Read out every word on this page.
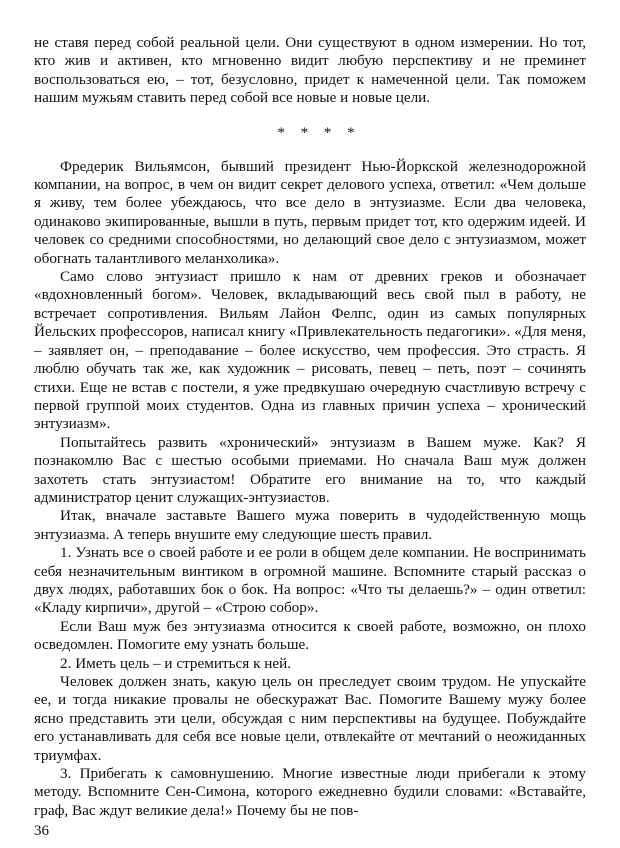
не ставя перед собой реальной цели. Они существуют в одном измерении. Но тот, кто жив и активен, кто мгновенно видит любую перспективу и не преминет воспользоваться ею, – тот, безусловно, придет к намеченной цели. Так поможем нашим мужьям ставить перед собой все новые и новые цели.

* * * *

Фредерик Вильямсон, бывший президент Нью-Йоркской железнодорожной компании, на вопрос, в чем он видит секрет делового успеха, ответил: «Чем дольше я живу, тем более убеждаюсь, что все дело в энтузиазме. Если два человека, одинаково экипированные, вышли в путь, первым придет тот, кто одержим идеей. И человек со средними способностями, но делающий свое дело с энтузиазмом, может обогнать талантливого меланхолика».

Само слово энтузиаст пришло к нам от древних греков и обозначает «вдохновленный богом». Человек, вкладывающий весь свой пыл в работу, не встречает сопротивления. Вильям Лайон Фелпс, один из самых популярных Йельских профессоров, написал книгу «Привлекательность педагогики». «Для меня, – заявляет он, – преподавание – более искусство, чем профессия. Это страсть. Я люблю обучать так же, как художник – рисовать, певец – петь, поэт – сочинять стихи. Еще не встав с постели, я уже предвкушаю очередную счастливую встречу с первой группой моих студентов. Одна из главных причин успеха – хронический энтузиазм».

Попытайтесь развить «хронический» энтузиазм в Вашем муже. Как? Я познакомлю Вас с шестью особыми приемами. Но сначала Ваш муж должен захотеть стать энтузиастом! Обратите его внимание на то, что каждый администратор ценит служащих-энтузиастов.

Итак, вначале заставьте Вашего мужа поверить в чудодейственную мощь энтузиазма. А теперь внушите ему следующие шесть правил.

1. Узнать все о своей работе и ее роли в общем деле компании. Не воспринимать себя незначительным винтиком в огромной машине. Вспомните старый рассказ о двух людях, работавших бок о бок. На вопрос: «Что ты делаешь?» – один ответил: «Кладу кирпичи», другой – «Строю собор».

Если Ваш муж без энтузиазма относится к своей работе, возможно, он плохо осведомлен. Помогите ему узнать больше.

2. Иметь цель – и стремиться к ней.

Человек должен знать, какую цель он преследует своим трудом. Не упускайте ее, и тогда никакие провалы не обескуражат Вас. Помогите Вашему мужу более ясно представить эти цели, обсуждая с ним перспективы на будущее. Побуждайте его устанавливать для себя все новые цели, отвлекайте от мечтаний о неожиданных триумфах.

3. Прибегать к самовнушению. Многие известные люди прибегали к этому методу. Вспомните Сен-Симона, которого ежедневно будили словами: «Вставайте, граф, Вас ждут великие дела!» Почему бы не пов-

36
